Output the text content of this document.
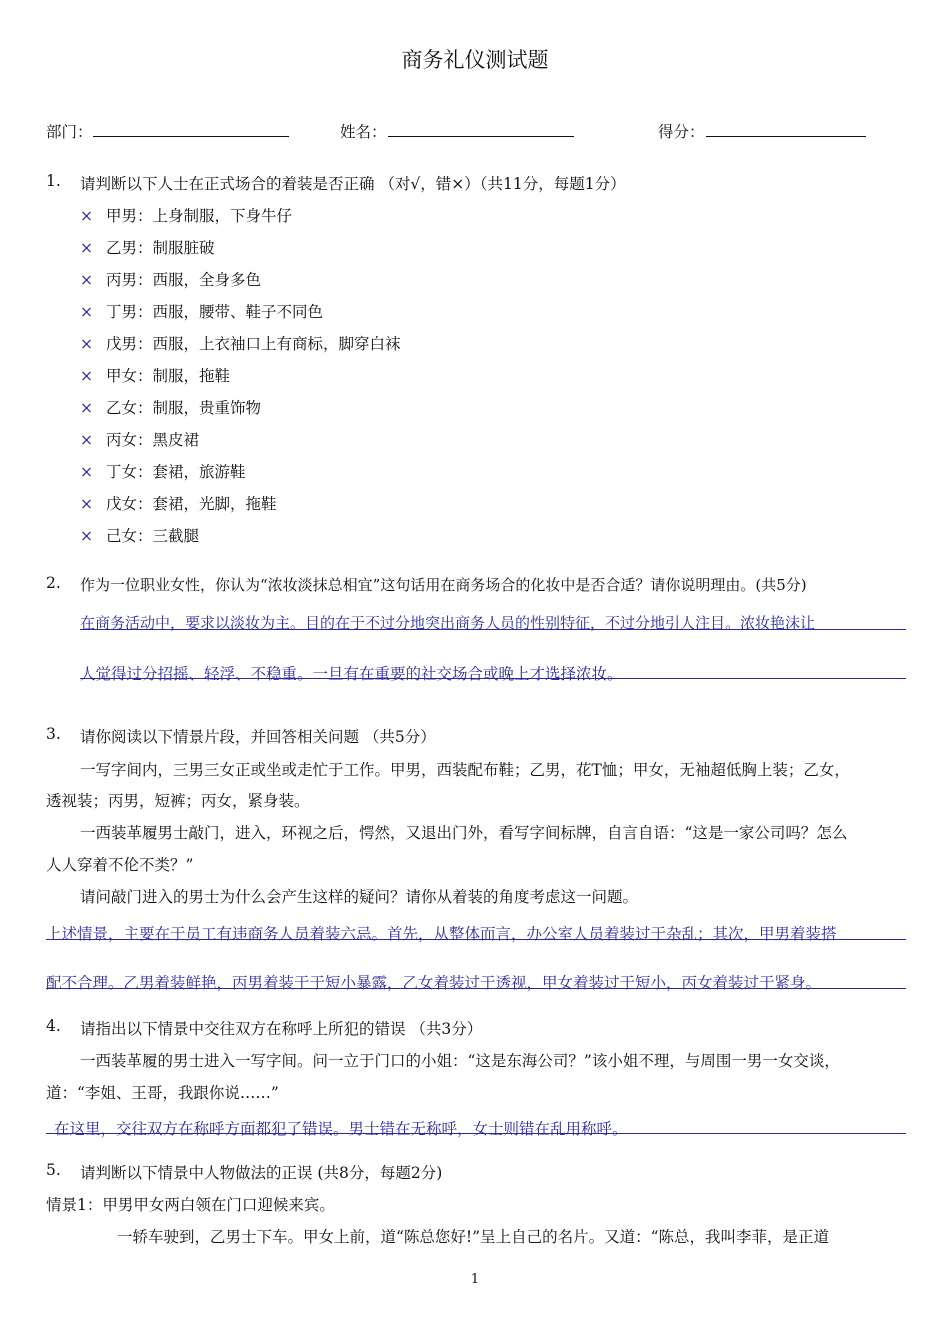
商务礼仪测试题
部门：	姓名：	得分：
1. 请判断以下人士在正式场合的着装是否正确 （对√，错×）（共11分，每题1分）
× 甲男：上身制服，下身牛仔
× 乙男：制服脏破
× 丙男：西服，全身多色
× 丁男：西服，腰带、鞋子不同色
× 戊男：西服，上衣袖口上有商标，脚穿白袜
× 甲女：制服，拖鞋
× 乙女：制服，贵重饰物
× 丙女：黑皮裙
× 丁女：套裙，旅游鞋
× 戊女：套裙，光脚，拖鞋
× 己女：三截腿
2. 作为一位职业女性，你认为“浓妆淡抹总相宜”这句话用在商务场合的化妆中是否合适？请你说明理由。(共5分)
在商务活动中，要求以淡妆为主。目的在于不过分地突出商务人员的性别特征，不过分地引人注目。浓妆艳沫让
人觉得过分招摇、轻浮、不稳重。一旦有在重要的社交场合或晚上才选择浓妆。
3. 请你阅读以下情景片段，并回答相关问题 （共5分）
一写字间内，三男三女正或坐或走忙于工作。甲男，西装配布鞋；乙男，花T恤；甲女，无袖超低胸上装；乙女，
透视装；丙男，短裤；丙女，紧身装。
一西装革履男士敲门，进入，环视之后，愕然，又退出门外，看写字间标牌，自言自语：“这是一家公司吗？怎么
人人穿着不伦不类？”
请问敲门进入的男士为什么会产生这样的疑问？请你从着装的角度考虑这一问题。
上述情景，主要在于员工有违商务人员着装六忌。首先，从整体而言，办公室人员着装过于杂乱；其次，甲男着装搭
配不合理。乙男着装鲜艳，丙男着装于于短小暴露，乙女着装过于透视，甲女着装过于短小，丙女着装过于紧身。
4. 请指出以下情景中交往双方在称呼上所犯的错误 （共3分）
一西装革履的男士进入一写字间。问一立于门口的小姐：“这是东海公司？”该小姐不理，与周围一男一女交谈，
道：“李姐、王哥，我跟你说……”
在这里，交往双方在称呼方面都犯了错误。男士错在无称呼，女士则错在乱用称呼。
5. 请判断以下情景中人物做法的正误 (共8分，每题2分)
情景1：甲男甲女两白领在门口迎候来宾。
一轿车驶到，乙男士下车。甲女上前，道“陈总您好!”呈上自己的名片。又道：“陈总，我叫李菲，是正道
1
